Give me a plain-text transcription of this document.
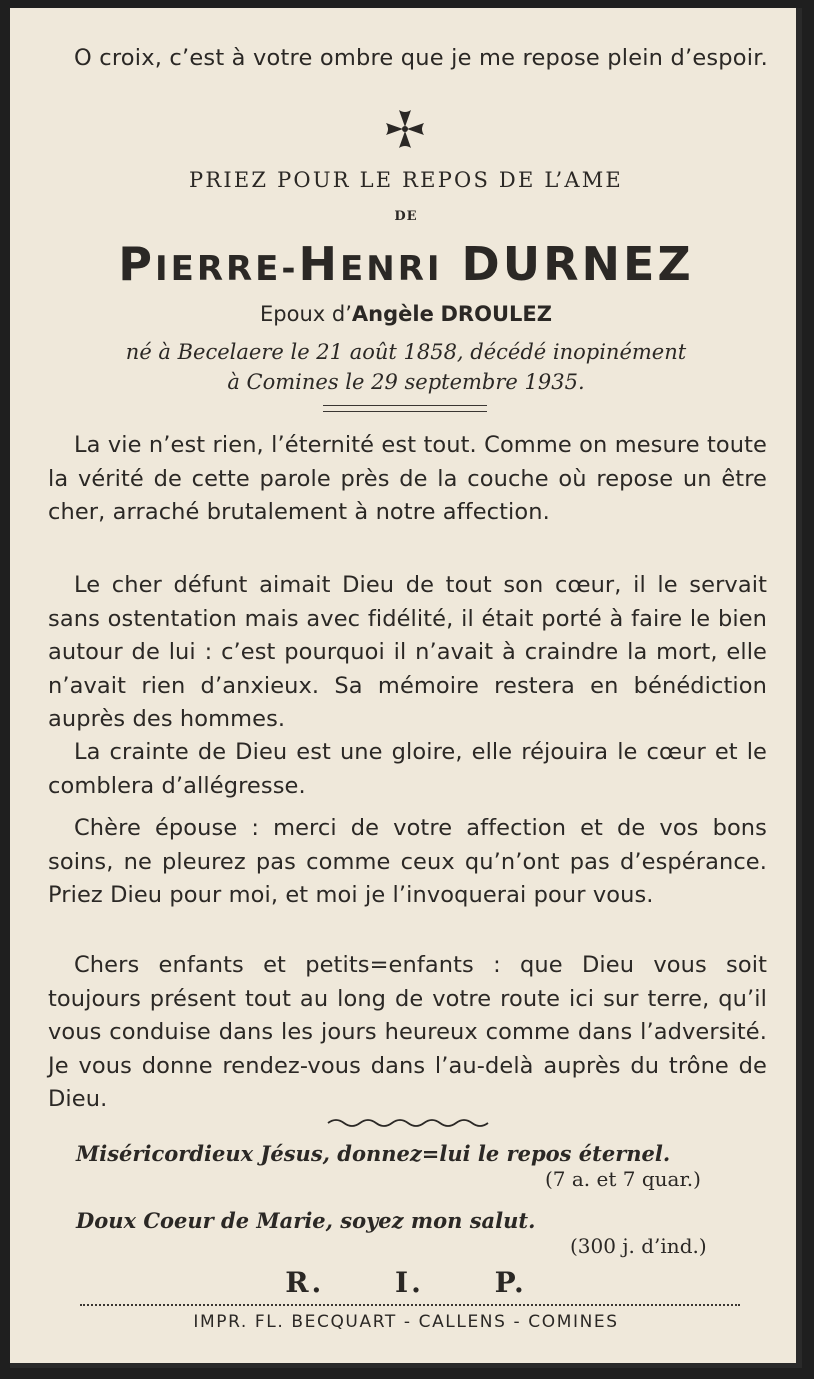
O croix, c’est à votre ombre que je me repose plein d’espoir.

PRIEZ POUR LE REPOS DE L’AME
DE
PIERRE-HENRI DURNEZ
Epoux d’Angèle DROULEZ
né à Becelaere le 21 août 1858, décédé inopinément
à Comines le 29 septembre 1935.

La vie n’est rien, l’éternité est tout. Comme on mesure toute la vérité de cette parole près de la couche où repose un être cher, arraché brutalement à notre affection.

Le cher défunt aimait Dieu de tout son cœur, il le servait sans ostentation mais avec fidélité, il était porté à faire le bien autour de lui : c’est pourquoi il n’avait à craindre la mort, elle n’avait rien d’anxieux. Sa mémoire restera en bénédiction auprès des hommes.

La crainte de Dieu est une gloire, elle réjouira le cœur et le comblera d’allégresse.

Chère épouse : merci de votre affection et de vos bons soins, ne pleurez pas comme ceux qu’n’ont pas d’espérance. Priez Dieu pour moi, et moi je l’invoquerai pour vous.

Chers enfants et petits=enfants : que Dieu vous soit toujours présent tout au long de votre route ici sur terre, qu’il vous conduise dans les jours heureux comme dans l’adversité. Je vous donne rendez-vous dans l’au-delà auprès du trône de Dieu.

Miséricordieux Jésus, donnez=lui le repos éternel.

(7 a. et 7 quar.)

Doux Coeur de Marie, soyez mon salut.

(300 j. d’ind.)
R. I. P.
IMPR. FL. BECQUART - CALLENS - COMINES
